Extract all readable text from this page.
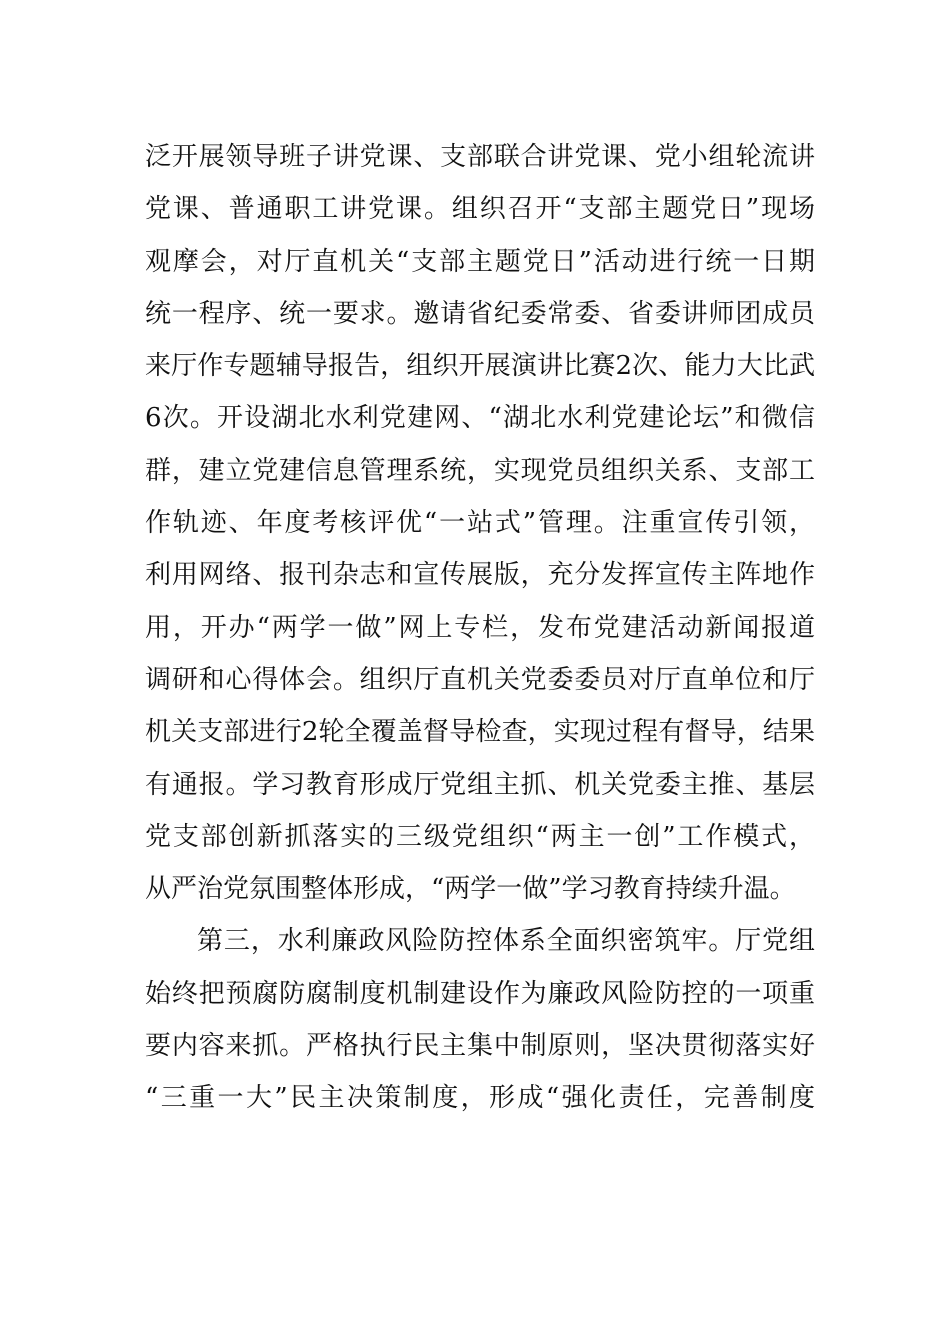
泛开展领导班子讲党课、支部联合讲党课、党小组轮流讲
党课、普通职工讲党课。组织召开“支部主题党日”现场
观摩会，对厅直机关“支部主题党日”活动进行统一日期
统一程序、统一要求。邀请省纪委常委、省委讲师团成员
来厅作专题辅导报告，组织开展演讲比赛2次、能力大比武
6次。开设湖北水利党建网、“湖北水利党建论坛”和微信
群，建立党建信息管理系统，实现党员组织关系、支部工
作轨迹、年度考核评优“一站式”管理。注重宣传引领，
利用网络、报刊杂志和宣传展版，充分发挥宣传主阵地作
用，开办“两学一做”网上专栏，发布党建活动新闻报道
调研和心得体会。组织厅直机关党委委员对厅直单位和厅
机关支部进行2轮全覆盖督导检查，实现过程有督导，结果
有通报。学习教育形成厅党组主抓、机关党委主推、基层
党支部创新抓落实的三级党组织“两主一创”工作模式，
从严治党氛围整体形成，“两学一做”学习教育持续升温。
第三，水利廉政风险防控体系全面织密筑牢。厅党组
始终把预腐防腐制度机制建设作为廉政风险防控的一项重
要内容来抓。严格执行民主集中制原则，坚决贯彻落实好
“三重一大”民主决策制度，形成“强化责任，完善制度
